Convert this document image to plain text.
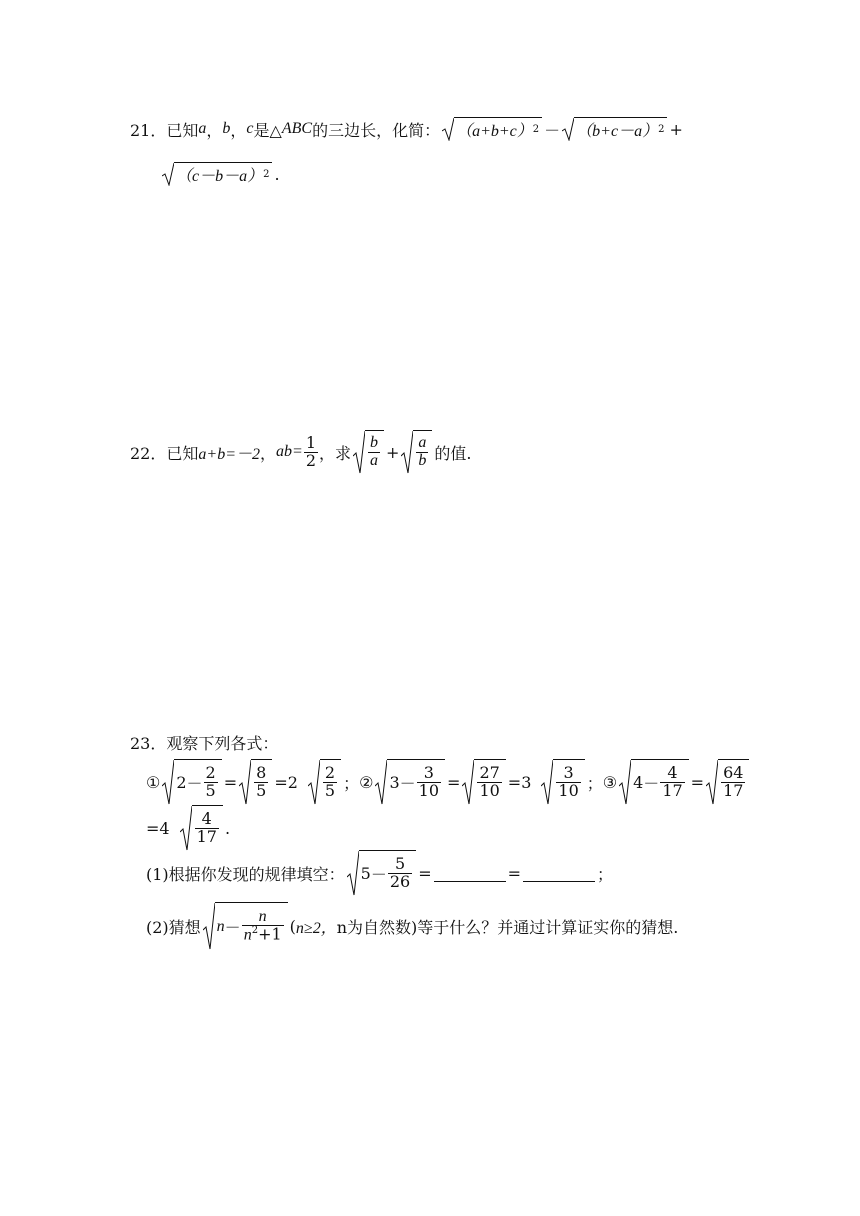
21． 已知 a ， b ， c 是△ ABC 的三边长，化简： （a+b+c） 2 － （b+c－a） 2 +
（c－b－a） 2 .
22． 已知 a+b=－2 ， $ab= \frac{1}{2}$ ，求 $\frac{b}{a} + \frac{a}{b}$ 的值.
23． 观察下列各式：
① $2 - \frac{2}{5} = \frac{8}{5} = 2 \frac{2}{5}$ ； ② $3 - \frac{3}{10} = \frac{27}{10} = 3 \frac{3}{10}$ ； ③ $4 - \frac{4}{17} = \frac{64}{17}$
= $4 \frac{4}{17}$ .
(1)根据你发现的规律填空： $5 - \frac{5}{26}$ =	=	；
(2)猜想 $n - \frac{n}{n^2+1}$ ( n≥2， n为自然数)等于什么？并通过计算证实你的猜想.
